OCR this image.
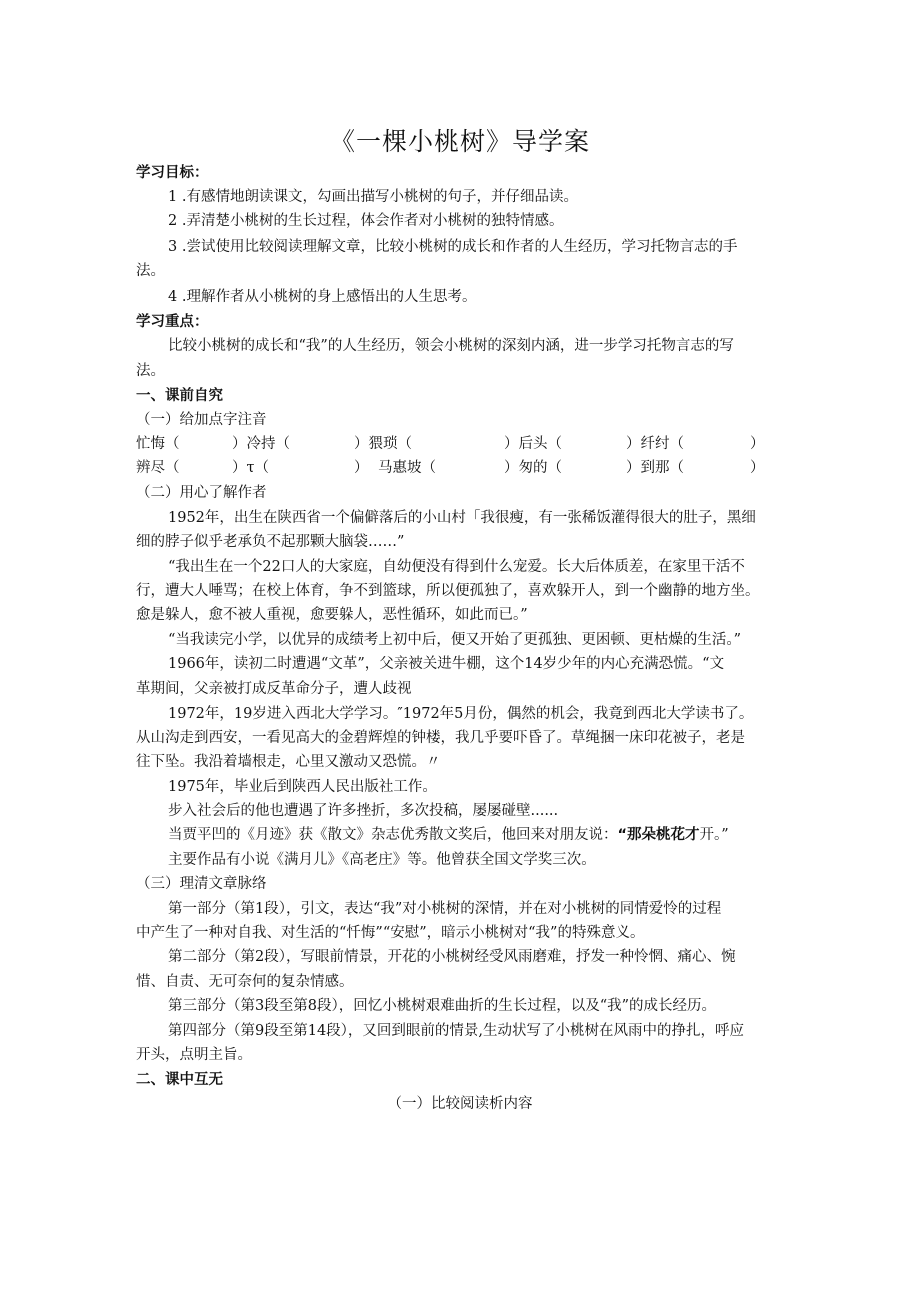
《一棵小桃树》导学案
学习目标：
1 .有感情地朗读课文，勾画出描写小桃树的句子，并仔细品读。
2 .弄清楚小桃树的生长过程，体会作者对小桃树的独特情感。
3 .尝试使用比较阅读理解文章，比较小桃树的成长和作者的人生经历，学习托物言志的手
法。
4 .理解作者从小桃树的身上感悟出的人生思考。
学习重点：
比较小桃树的成长和“我”的人生经历，领会小桃树的深刻内涵，进一步学习托物言志的写
法。
一、课前自究
（一）给加点字注音
忙悔（	）冷持（	）猥琐（	）后头（	）纤纣（	）
辨尽（	）τ（	） 马惠坡（	）匆的（	）到那（	）
（二）用心了解作者
1952年，出生在陕西省一个偏僻落后的小山村「我很瘦，有一张稀饭灌得很大的肚子，黑细
细的脖子似乎老承负不起那颗大脑袋……”
“我出生在一个22口人的大家庭，自幼便没有得到什么宠爱。长大后体质差，在家里干活不
行，遭大人唾骂；在校上体育，争不到篮球，所以便孤独了，喜欢躲开人，到一个幽静的地方坐。
愈是躲人，愈不被人重视，愈要躲人，恶性循环，如此而已。”
“当我读完小学，以优异的成绩考上初中后，便又开始了更孤独、更困顿、更枯燥的生活。”
1966年，读初二时遭遇“文革”，父亲被关进牛棚，这个14岁少年的内心充满恐慌。“文
革期间，父亲被打成反革命分子，遭人歧视
1972年，19岁进入西北大学学习。″1972年5月份，偶然的机会，我竟到西北大学读书了。
从山沟走到西安，一看见高大的金碧辉煌的钟楼，我几乎要吓昏了。草绳捆一床印花被子，老是
往下坠。我沿着墙根走，心里又激动又恐慌。〃
1975年，毕业后到陕西人民出版社工作。
步入社会后的他也遭遇了许多挫折，多次投稿，屡屡碰壁......
当贾平凹的《月迹》获《散文》杂志优秀散文奖后，他回来对朋友说：“那朵桃花才开。”
主要作品有小说《满月儿》《高老庄》等。他曾获全国文学奖三次。
（三）理清文章脉络
第一部分（第1段），引文，表达“我”对小桃树的深情，并在对小桃树的同情爱怜的过程
中产生了一种对自我、对生活的“忏悔”“安慰”，暗示小桃树对“我”的特殊意义。
第二部分（第2段），写眼前情景，开花的小桃树经受风雨磨难，抒发一种怜惘、痛心、惋
惜、自责、无可奈何的复杂情感。
第三部分（第3段至第8段），回忆小桃树艰难曲折的生长过程，以及“我”的成长经历。
第四部分（第9段至第14段），又回到眼前的情景,生动状写了小桃树在风雨中的挣扎，呼应
开头，点明主旨。
二、课中互无
（一）比较阅读析内容
